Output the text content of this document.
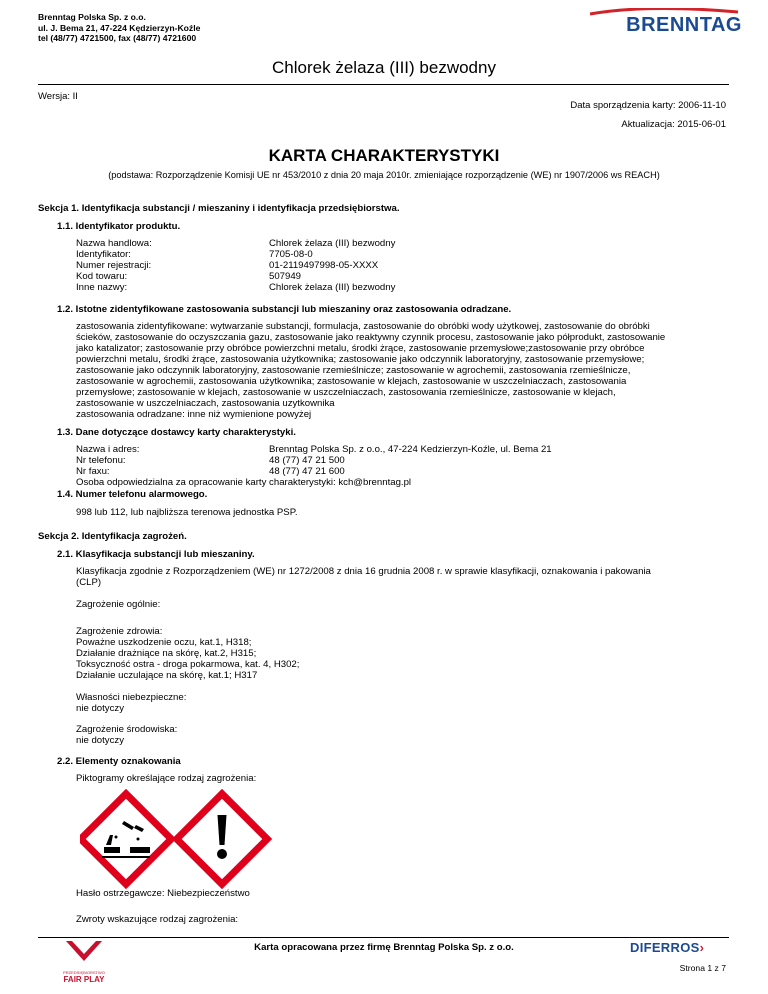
Brenntag Polska Sp. z o.o.
ul. J. Bema 21, 47-224 Kędzierzyn-Koźle
tel (48/77) 4721500, fax (48/77) 4721600
BRENNTAG
Chlorek żelaza (III) bezwodny
Wersja: II
Data sporządzenia karty: 2006-11-10
Aktualizacja: 2015-06-01
KARTA CHARAKTERYSTYKI
(podstawa: Rozporządzenie Komisji UE nr 453/2010 z dnia 20 maja 2010r. zmieniające rozporządzenie (WE) nr 1907/2006 ws REACH)
Sekcja 1. Identyfikacja substancji / mieszaniny i identyfikacja przedsiębiorstwa.
1.1. Identyfikator produktu.
Nazwa handlowa:	Chlorek żelaza (III) bezwodny
Identyfikator:	7705-08-0
Numer rejestracji:	01-2119497998-05-XXXX
Kod towaru:	507949
Inne nazwy:	Chlorek żelaza (III) bezwodny
1.2. Istotne zidentyfikowane zastosowania substancji lub mieszaniny oraz zastosowania odradzane.
zastosowania zidentyfikowane: wytwarzanie substancji, formulacja, zastosowanie do obróbki wody użytkowej, zastosowanie do obróbki
ścieków, zastosowanie do oczyszczania gazu, zastosowanie jako reaktywny czynnik procesu, zastosowanie jako półprodukt, zastosowanie
jako katalizator; zastosowanie przy obróbce powierzchni metalu, środki żrące, zastosowanie przemysłowe;zastosowanie przy obróbce
powierzchni metalu, środki żrące, zastosowania użytkownika; zastosowanie jako odczynnik laboratoryjny, zastosowanie przemysłowe;
zastosowanie jako odczynnik laboratoryjny, zastosowanie rzemieślnicze; zastosowanie w agrochemii, zastosowania rzemieślnicze,
zastosowanie w agrochemii, zastosowania użytkownika; zastosowanie w klejach, zastosowanie w uszczelniaczach, zastosowania
przemysłowe; zastosowanie w klejach, zastosowanie w uszczelniaczach, zastosowania rzemieślnicze, zastosowanie w klejach,
zastosowanie w uszczelniaczach, zastosowania uzytkownika
zastosowania odradzane: inne niż wymienione powyżej
1.3. Dane dotyczące dostawcy karty charakterystyki.
Nazwa i adres:	Brenntag Polska Sp. z o.o., 47-224 Kedzierzyn-Koźle, ul. Bema 21
Nr telefonu:	48 (77) 47 21 500
Nr faxu:	48 (77) 47 21 600
Osoba odpowiedzialna za opracowanie karty charakterystyki: kch@brenntag.pl
1.4. Numer telefonu alarmowego.
998 lub 112, lub najbliższa terenowa jednostka PSP.
Sekcja 2. Identyfikacja zagrożeń.
2.1. Klasyfikacja substancji lub mieszaniny.
Klasyfikacja zgodnie z Rozporządzeniem (WE) nr 1272/2008 z dnia 16 grudnia 2008 r. w sprawie klasyfikacji, oznakowania i pakowania
(CLP)
Zagrożenie ogólnie:
Zagrożenie zdrowia:
Poważne uszkodzenie oczu, kat.1, H318;
Działanie drażniące na skórę, kat.2, H315;
Toksyczność ostra - droga pokarmowa, kat. 4, H302;
Działanie uczulające na skórę, kat.1; H317
Własności niebezpieczne:
nie dotyczy
Zagrożenie środowiska:
nie dotyczy
2.2. Elementy oznakowania
Piktogramy określające rodzaj zagrożenia:
Hasło ostrzegawcze: Niebezpieczeństwo
Zwroty wskazujące rodzaj zagrożenia:
Karta opracowana przez firmę Brenntag Polska Sp. z o.o.
PRZEDSIĘBIORSTWO
FAIR PLAY
DIFERROS›
Strona 1 z 7
